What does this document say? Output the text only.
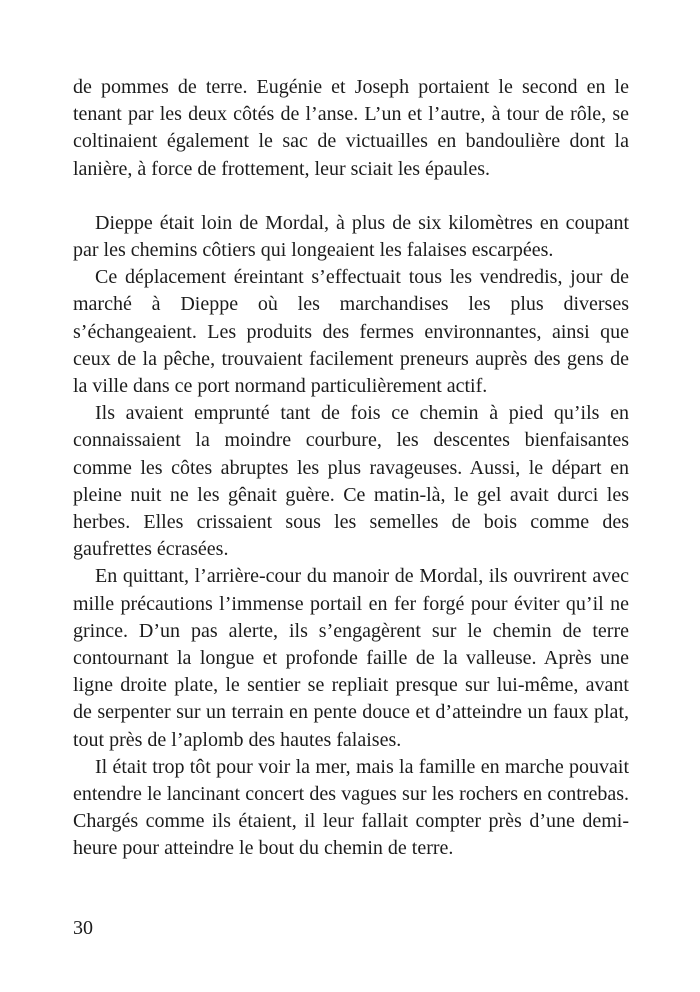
de pommes de terre. Eugénie et Joseph portaient le second en le tenant par les deux côtés de l’anse. L’un et l’autre, à tour de rôle, se coltinaient également le sac de victuailles en bandoulière dont la lanière, à force de frottement, leur sciait les épaules.

Dieppe était loin de Mordal, à plus de six kilomètres en coupant par les chemins côtiers qui longeaient les falaises escarpées.

Ce déplacement éreintant s’effectuait tous les vendredis, jour de marché à Dieppe où les marchandises les plus diverses s’échangeaient. Les produits des fermes environnantes, ainsi que ceux de la pêche, trouvaient facilement preneurs auprès des gens de la ville dans ce port normand particulièrement actif.

Ils avaient emprunté tant de fois ce chemin à pied qu’ils en connaissaient la moindre courbure, les descentes bienfaisantes comme les côtes abruptes les plus ravageuses. Aussi, le départ en pleine nuit ne les gênait guère. Ce matin-là, le gel avait durci les herbes. Elles crissaient sous les semelles de bois comme des gaufrettes écrasées.

En quittant, l’arrière-cour du manoir de Mordal, ils ouvrirent avec mille précautions l’immense portail en fer forgé pour éviter qu’il ne grince. D’un pas alerte, ils s’engagèrent sur le chemin de terre contournant la longue et profonde faille de la valleuse. Après une ligne droite plate, le sentier se repliait presque sur lui-même, avant de serpenter sur un terrain en pente douce et d’atteindre un faux plat, tout près de l’aplomb des hautes falaises.

Il était trop tôt pour voir la mer, mais la famille en marche pouvait entendre le lancinant concert des vagues sur les rochers en contrebas. Chargés comme ils étaient, il leur fallait compter près d’une demi-heure pour atteindre le bout du chemin de terre.

30
